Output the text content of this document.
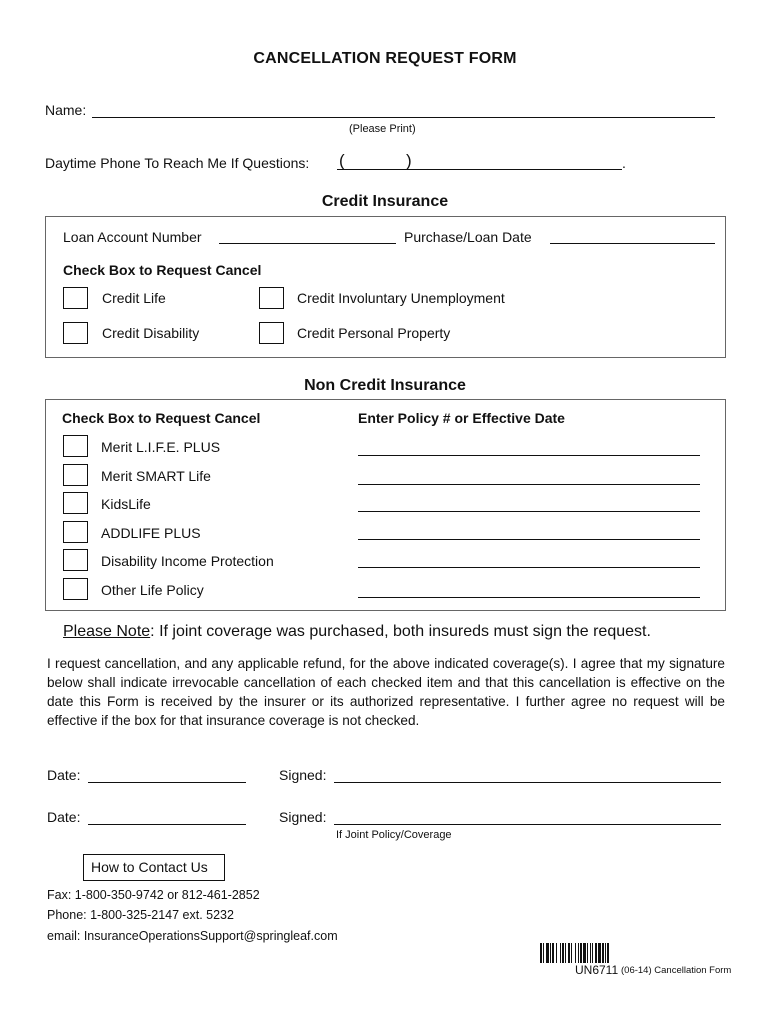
CANCELLATION REQUEST FORM
Name:
(Please Print)
Daytime Phone To Reach Me If Questions: (	)	.
Credit Insurance
Loan Account Number	Purchase/Loan Date
Check Box to Request Cancel
Credit Life	Credit Involuntary Unemployment
Credit Disability	Credit Personal Property
Non Credit Insurance
Check Box to Request Cancel	Enter Policy # or Effective Date
Merit L.I.F.E. PLUS
Merit SMART Life
KidsLife
ADDLIFE PLUS
Disability Income Protection
Other Life Policy
Please Note: If joint coverage was purchased, both insureds must sign the request.
I request cancellation, and any applicable refund, for the above indicated coverage(s). I agree that my signature below shall indicate irrevocable cancellation of each checked item and that this cancellation is effective on the date this Form is received by the insurer or its authorized representative. I further agree no request will be effective if the box for that insurance coverage is not checked.
Date:	Signed:
Date:	Signed:
If Joint Policy/Coverage
How to Contact Us
Fax: 1-800-350-9742 or 812-461-2852
Phone: 1-800-325-2147 ext. 5232
email: InsuranceOperationsSupport@springleaf.com
UN6711 (06-14) Cancellation Form
